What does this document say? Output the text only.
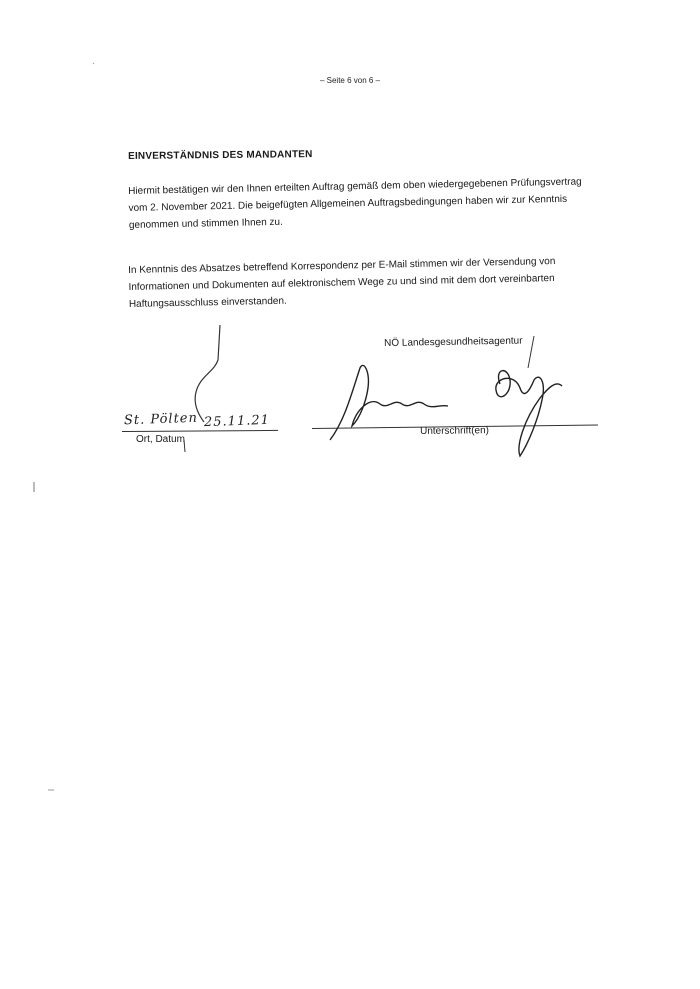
– Seite 6 von 6 –
EINVERSTÄNDNIS DES MANDANTEN
Hiermit bestätigen wir den Ihnen erteilten Auftrag gemäß dem oben wiedergegebenen Prüfungsvertrag vom 2. November 2021. Die beigefügten Allgemeinen Auftragsbedingungen haben wir zur Kenntnis genommen und stimmen Ihnen zu.
In Kenntnis des Absatzes betreffend Korrespondenz per E-Mail stimmen wir der Versendung von Informationen und Dokumenten auf elektronischem Wege zu und sind mit dem dort vereinbarten Haftungsausschluss einverstanden.
NÖ Landesgesundheitsagentur
St. Pölten 25.11.21
Ort, Datum
Unterschrift(en)
